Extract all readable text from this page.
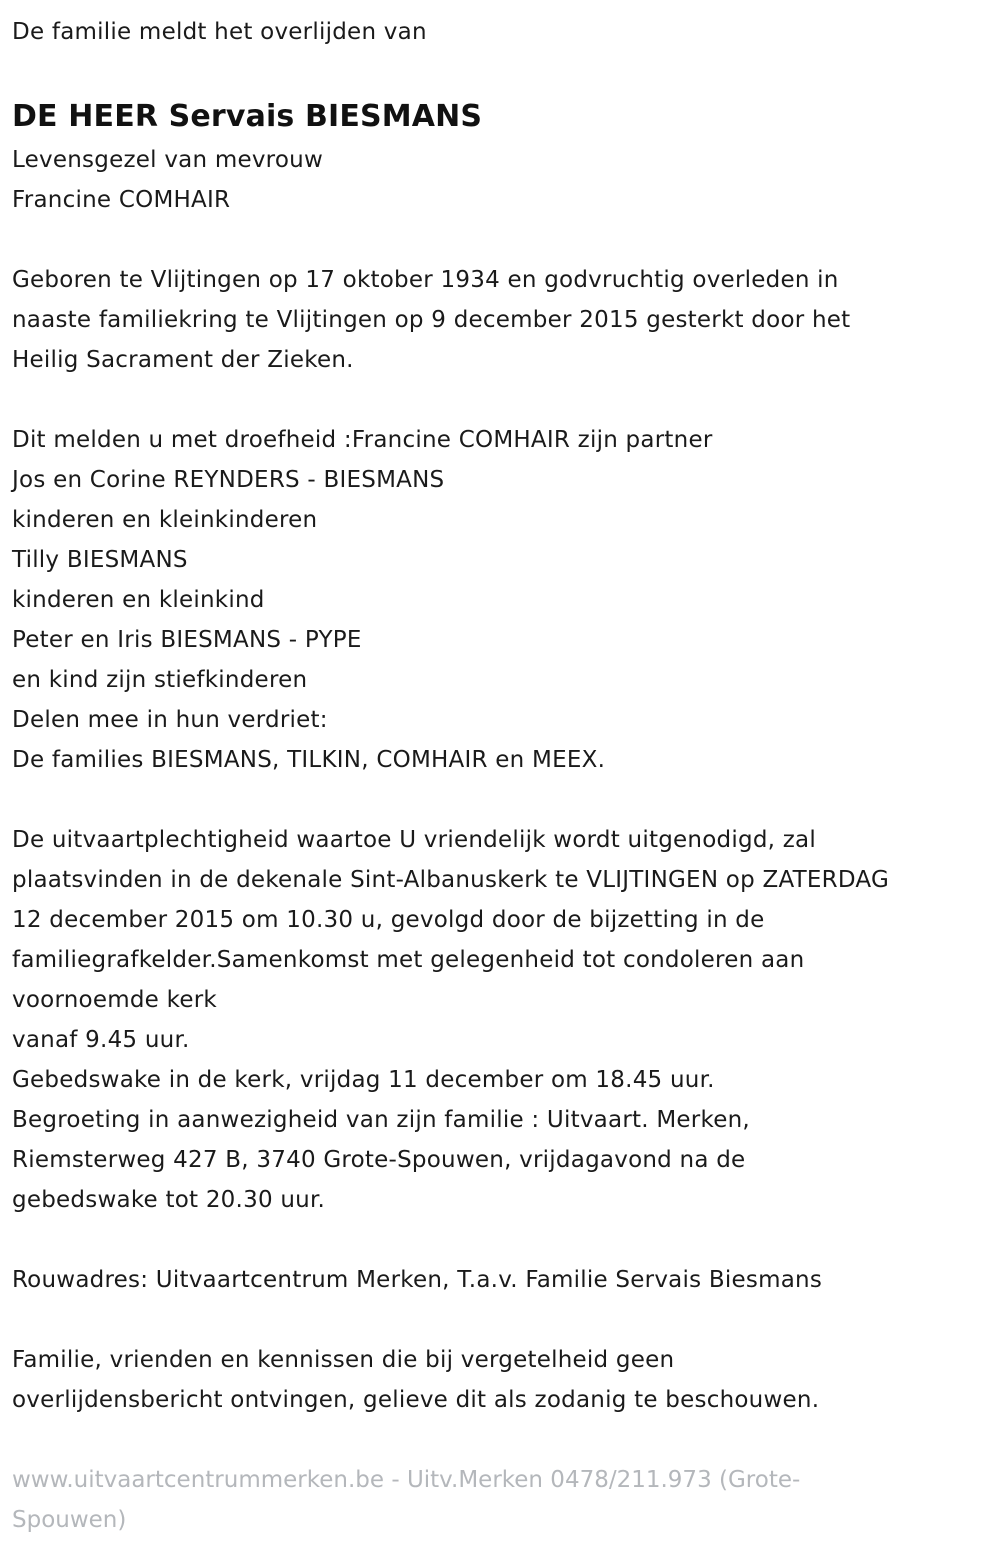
De familie meldt het overlijden van
DE HEER Servais BIESMANS
Levensgezel van mevrouw
Francine COMHAIR
Geboren te Vlijtingen op 17 oktober 1934 en godvruchtig overleden in
naaste familiekring te Vlijtingen op 9 december 2015 gesterkt door het
Heilig Sacrament der Zieken.
Dit melden u met droefheid :Francine COMHAIR zijn partner
Jos en Corine REYNDERS - BIESMANS
kinderen en kleinkinderen
Tilly BIESMANS
kinderen en kleinkind
Peter en Iris BIESMANS - PYPE
en kind zijn stiefkinderen
Delen mee in hun verdriet:
De families BIESMANS, TILKIN, COMHAIR en MEEX.
De uitvaartplechtigheid waartoe U vriendelijk wordt uitgenodigd, zal
plaatsvinden in de dekenale Sint-Albanuskerk te VLIJTINGEN op ZATERDAG
12 december 2015 om 10.30 u, gevolgd door de bijzetting in de
familiegrafkelder.Samenkomst met gelegenheid tot condoleren aan
voornoemde kerk
vanaf 9.45 uur.
Gebedswake in de kerk, vrijdag 11 december om 18.45 uur.
Begroeting in aanwezigheid van zijn familie : Uitvaart. Merken,
Riemsterweg 427 B, 3740 Grote-Spouwen, vrijdagavond na de
gebedswake tot 20.30 uur.
Rouwadres: Uitvaartcentrum Merken, T.a.v. Familie Servais Biesmans
Familie, vrienden en kennissen die bij vergetelheid geen
overlijdensbericht ontvingen, gelieve dit als zodanig te beschouwen.
www.uitvaartcentrummerken.be - Uitv.Merken 0478/211.973 (Grote-
Spouwen)
